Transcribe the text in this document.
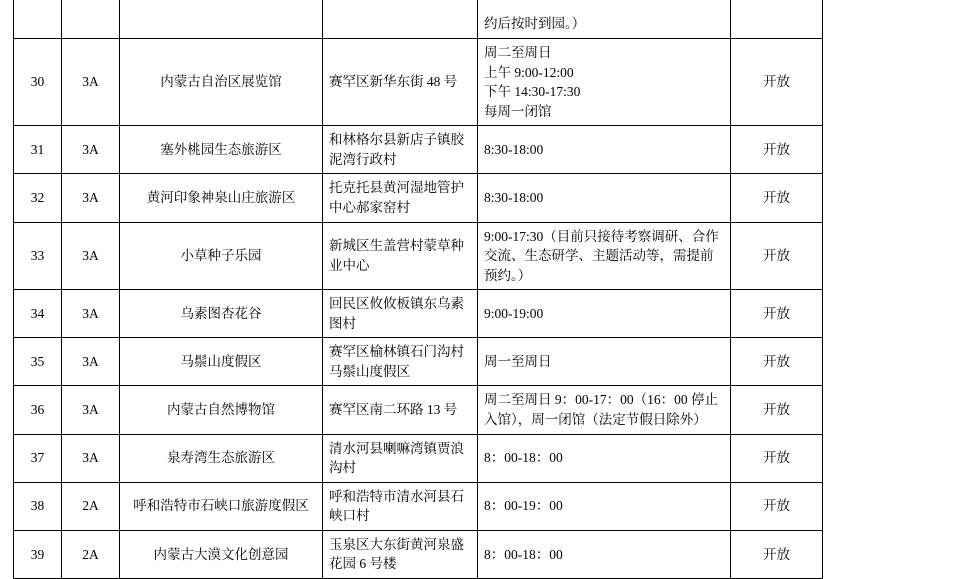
				约后按时到园。）	
30	3A	内蒙古自治区展览馆	赛罕区新华东街 48 号	周二至周日
上午 9:00-12:00
下午 14:30-17:30
每周一闭馆	开放
31	3A	塞外桃园生态旅游区	和林格尔县新店子镇胶泥湾行政村	8:30-18:00	开放
32	3A	黄河印象神泉山庄旅游区	托克托县黄河湿地管护中心郝家窑村	8:30-18:00	开放
33	3A	小草种子乐园	新城区生盖营村蒙草种业中心	9:00-17:30（目前只接待考察调研、合作交流、生态研学、主题活动等，需提前预约。）	开放
34	3A	乌素图杏花谷	回民区攸攸板镇东乌素图村	9:00-19:00	开放
35	3A	马鬃山度假区	赛罕区榆林镇石门沟村马鬃山度假区	周一至周日	开放
36	3A	内蒙古自然博物馆	赛罕区南二环路 13 号	周二至周日 9：00-17：00（16：00 停止入馆），周一闭馆（法定节假日除外）	开放
37	3A	泉寿湾生态旅游区	清水河县喇嘛湾镇贾浪沟村	8：00-18：00	开放
38	2A	呼和浩特市石峡口旅游度假区	呼和浩特市清水河县石峡口村	8：00-19：00	开放
39	2A	内蒙古大漠文化创意园	玉泉区大东街黄河泉盛花园 6 号楼	8：00-18：00	开放
